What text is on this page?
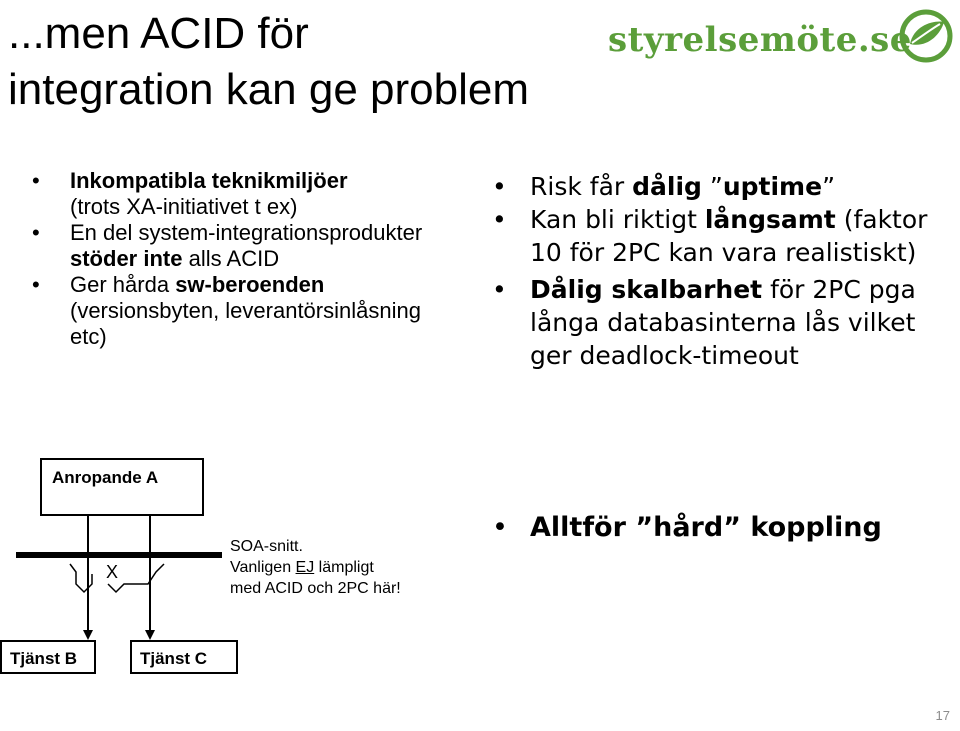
...men ACID för
integration kan ge problem
styrelsemöte.se
• Inkompatibla teknikmiljöer
(trots XA-initiativet t ex)
• En del system-integrationsprodukter stöder inte alls ACID
• Ger hårda sw-beroenden (versionsbyten, leverantörsinlåsning etc)
• Risk får dålig ”uptime”
• Kan bli riktigt långsamt (faktor 10 för 2PC kan vara realistiskt)
• Dålig skalbarhet för 2PC pga långa databasinterna lås vilket ger deadlock-timeout
• Alltför ”hård” koppling
X
Anropande A
Tjänst B	Tjänst C
SOA-snitt.
Vanligen EJ lämpligt
med ACID och 2PC här!
17
